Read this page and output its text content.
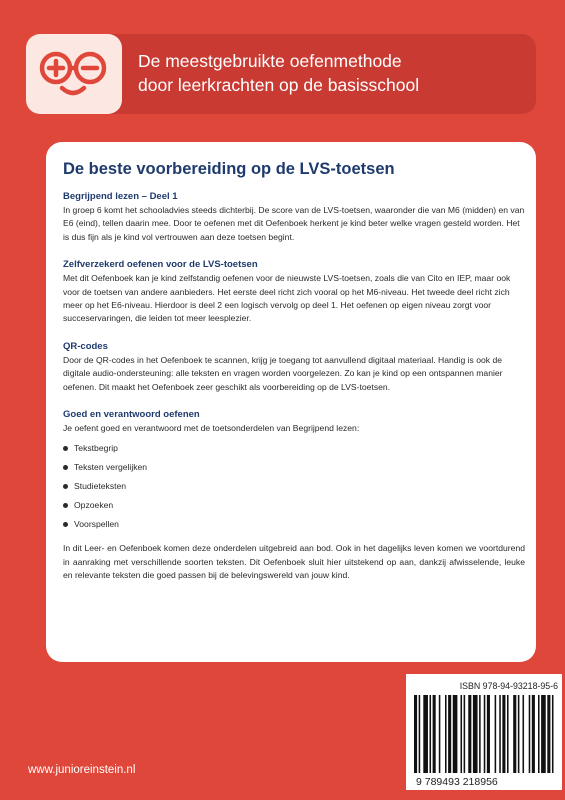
De meestgebruikte oefenmethode
door leerkrachten op de basisschool
De beste voorbereiding op de LVS-toetsen
Begrijpend lezen – Deel 1

In groep 6 komt het schooladvies steeds dichterbij. De score van de LVS-toetsen, waaronder die van M6 (midden) en van E6 (eind), tellen daarin mee. Door te oefenen met dit Oefenboek herkent je kind beter welke vragen gesteld worden. Het is dus fijn als je kind vol vertrouwen aan deze toetsen begint.

Zelfverzekerd oefenen voor de LVS-toetsen

Met dit Oefenboek kan je kind zelfstandig oefenen voor de nieuwste LVS-toetsen, zoals die van Cito en IEP, maar ook voor de toetsen van andere aanbieders. Het eerste deel richt zich vooral op het M6-niveau. Het tweede deel richt zich meer op het E6-niveau. Hierdoor is deel 2 een logisch vervolg op deel 1. Het oefenen op eigen niveau zorgt voor succeservaringen, die leiden tot meer leesplezier.

QR-codes

Door de QR-codes in het Oefenboek te scannen, krijg je toegang tot aanvullend digitaal materiaal. Handig is ook de digitale audio-ondersteuning: alle teksten en vragen worden voorgelezen. Zo kan je kind op een ontspannen manier oefenen. Dit maakt het Oefenboek zeer geschikt als voorbereiding op de LVS-toetsen.

Goed en verantwoord oefenen

Je oefent goed en verantwoord met de toetsonderdelen van Begrijpend lezen:

Tekstbegrip
Teksten vergelijken
Studieteksten
Opzoeken
Voorspellen

In dit Leer- en Oefenboek komen deze onderdelen uitgebreid aan bod. Ook in het dagelijks leven komen we voortdurend in aanraking met verschillende soorten teksten. Dit Oefenboek sluit hier uitstekend op aan, dankzij afwisselende, leuke en relevante teksten die goed passen bij de belevingswereld van jouw kind.

ISBN 978-94-93218-95-6
9 789493 218956
www.junioreinstein.nl
